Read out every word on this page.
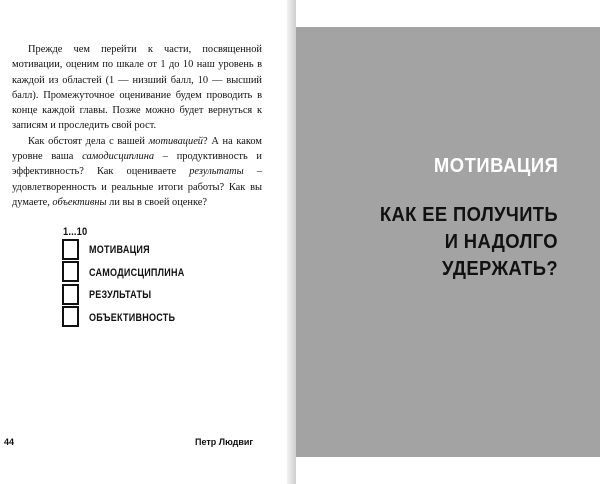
Прежде чем перейти к части, посвященной мотивации, оценим по шкале от 1 до 10 наш уровень в каждой из областей (1 — низший балл, 10 — высший балл). Промежуточное оценивание будем проводить в конце каждой главы. Позже можно будет вернуться к записям и проследить свой рост.

Как обстоят дела с вашей мотивацией? А на каком уровне ваша самодисциплина – продуктивность и эффективность? Как оцениваете результаты – удовлетворенность и реальные итоги работы? Как вы думаете, объективны ли вы в своей оценке?

1...10
МОТИВАЦИЯ
САМОДИСЦИПЛИНА
РЕЗУЛЬТАТЫ
ОБЪЕКТИВНОСТЬ
44	Петр Людвиг
МОТИВАЦИЯ
КАК ЕЕ ПОЛУЧИТЬ
И НАДОЛГО
УДЕРЖАТЬ?
